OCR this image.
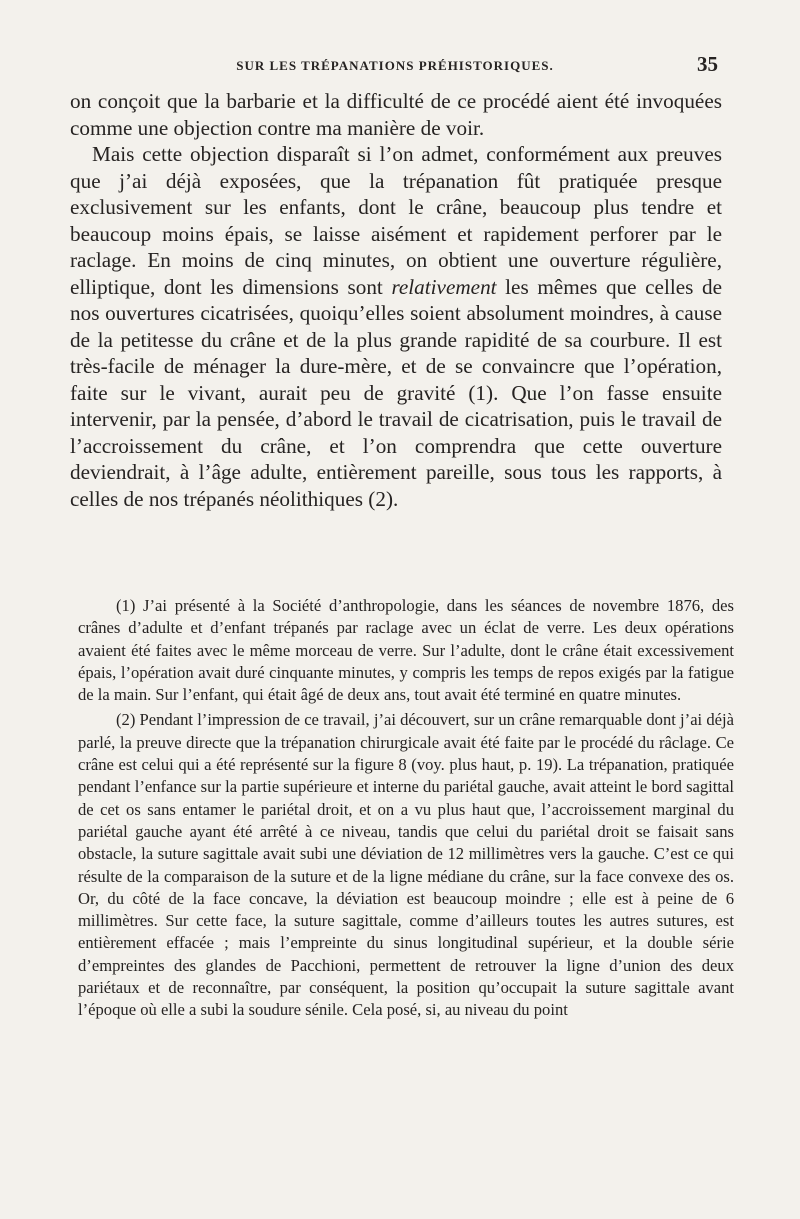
SUR LES TRÉPANATIONS PRÉHISTORIQUES.	35

on conçoit que la barbarie et la difficulté de ce procédé aient été invoquées comme une objection contre ma manière de voir.

Mais cette objection disparaît si l’on admet, conformément aux preuves que j’ai déjà exposées, que la trépanation fût pratiquée presque exclusivement sur les enfants, dont le crâne, beaucoup plus tendre et beaucoup moins épais, se laisse aisément et rapidement perforer par le raclage. En moins de cinq minutes, on obtient une ouverture régulière, elliptique, dont les dimensions sont relativement les mêmes que celles de nos ouvertures cicatrisées, quoiqu’elles soient absolument moindres, à cause de la petitesse du crâne et de la plus grande rapidité de sa courbure. Il est très-facile de ménager la dure-mère, et de se convaincre que l’opération, faite sur le vivant, aurait peu de gravité (1). Que l’on fasse ensuite intervenir, par la pensée, d’abord le travail de cicatrisation, puis le travail de l’accroissement du crâne, et l’on comprendra que cette ouverture deviendrait, à l’âge adulte, entièrement pareille, sous tous les rapports, à celles de nos trépanés néolithiques (2).

(1) J’ai présenté à la Société d’anthropologie, dans les séances de novembre 1876, des crânes d’adulte et d’enfant trépanés par raclage avec un éclat de verre. Les deux opérations avaient été faites avec le même morceau de verre. Sur l’adulte, dont le crâne était excessivement épais, l’opération avait duré cinquante minutes, y compris les temps de repos exigés par la fatigue de la main. Sur l’enfant, qui était âgé de deux ans, tout avait été terminé en quatre minutes.

(2) Pendant l’impression de ce travail, j’ai découvert, sur un crâne remarquable dont j’ai déjà parlé, la preuve directe que la trépanation chirurgicale avait été faite par le procédé du râclage. Ce crâne est celui qui a été représenté sur la figure 8 (voy. plus haut, p. 19). La trépanation, pratiquée pendant l’enfance sur la partie supérieure et interne du pariétal gauche, avait atteint le bord sagittal de cet os sans entamer le pariétal droit, et on a vu plus haut que, l’accroissement marginal du pariétal gauche ayant été arrêté à ce niveau, tandis que celui du pariétal droit se faisait sans obstacle, la suture sagittale avait subi une déviation de 12 millimètres vers la gauche. C’est ce qui résulte de la comparaison de la suture et de la ligne médiane du crâne, sur la face convexe des os. Or, du côté de la face concave, la déviation est beaucoup moindre ; elle est à peine de 6 millimètres. Sur cette face, la suture sagittale, comme d’ailleurs toutes les autres sutures, est entièrement effacée ; mais l’empreinte du sinus longitudinal supérieur, et la double série d’empreintes des glandes de Pacchioni, permettent de retrouver la ligne d’union des deux pariétaux et de reconnaître, par conséquent, la position qu’occupait la suture sagittale avant l’époque où elle a subi la soudure sénile. Cela posé, si, au niveau du point
